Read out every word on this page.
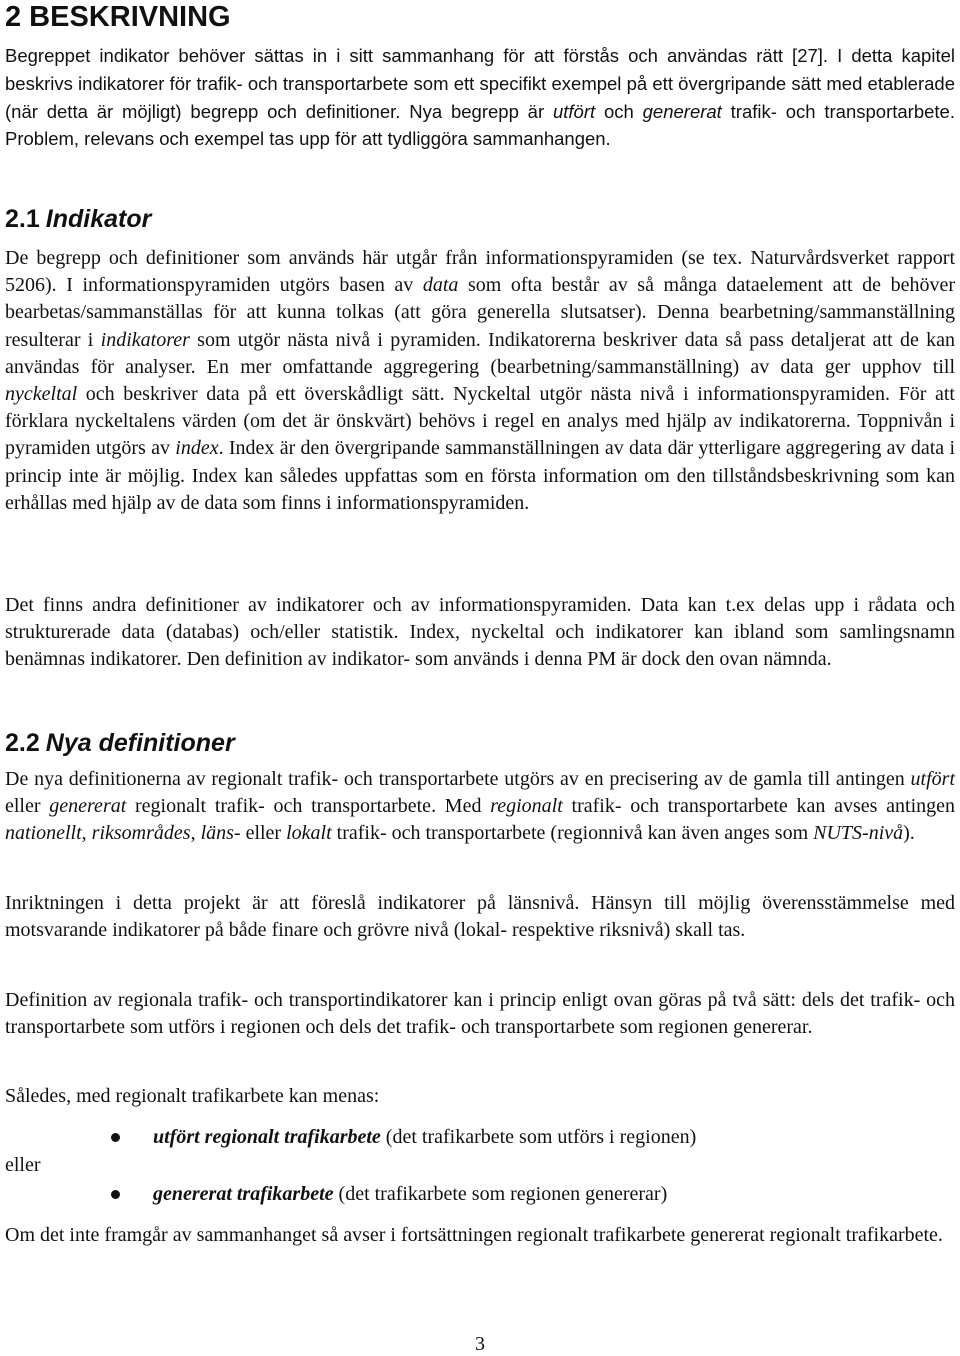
2 BESKRIVNING

Begreppet indikator behöver sättas in i sitt sammanhang för att förstås och användas rätt [27]. I detta kapitel beskrivs indikatorer för trafik- och transportarbete som ett specifikt exempel på ett övergripande sätt med etablerade (när detta är möjligt) begrepp och definitioner. Nya begrepp är utfört och genererat trafik- och transportarbete. Problem, relevans och exempel tas upp för att tydliggöra sammanhangen.

2.1 Indikator

De begrepp och definitioner som används här utgår från informationspyramiden (se tex. Naturvårdsverket rapport 5206). I informationspyramiden utgörs basen av data som ofta består av så många dataelement att de behöver bearbetas/sammanställas för att kunna tolkas (att göra generella slutsatser). Denna bearbetning/sammanställning resulterar i indikatorer som utgör nästa nivå i pyramiden. Indikatorerna beskriver data så pass detaljerat att de kan användas för analyser. En mer omfattande aggregering (bearbetning/sammanställning) av data ger upphov till nyckeltal och beskriver data på ett överskådligt sätt. Nyckeltal utgör nästa nivå i informationspyramiden. För att förklara nyckeltalens värden (om det är önskvärt) behövs i regel en analys med hjälp av indikatorerna. Toppnivån i pyramiden utgörs av index. Index är den övergripande sammanställningen av data där ytterligare aggregering av data i princip inte är möjlig. Index kan således uppfattas som en första information om den tillståndsbeskrivning som kan erhållas med hjälp av de data som finns i informationspyramiden.

Det finns andra definitioner av indikatorer och av informationspyramiden. Data kan t.ex delas upp i rådata och strukturerade data (databas) och/eller statistik. Index, nyckeltal och indikatorer kan ibland som samlingsnamn benämnas indikatorer. Den definition av indikator- som används i denna PM är dock den ovan nämnda.

2.2 Nya definitioner

De nya definitionerna av regionalt trafik- och transportarbete utgörs av en precisering av de gamla till antingen utfört eller genererat regionalt trafik- och transportarbete. Med regionalt trafik- och transportarbete kan avses antingen nationellt, riksområdes, läns- eller lokalt trafik- och transportarbete (regionnivå kan även anges som NUTS-nivå).

Inriktningen i detta projekt är att föreslå indikatorer på länsnivå. Hänsyn till möjlig överensstämmelse med motsvarande indikatorer på både finare och grövre nivå (lokal- respektive riksnivå) skall tas.

Definition av regionala trafik- och transportindikatorer kan i princip enligt ovan göras på två sätt: dels det trafik- och transportarbete som utförs i regionen och dels det trafik- och transportarbete som regionen genererar.

Således, med regionalt trafikarbete kan menas:

utfört regionalt trafikarbete (det trafikarbete som utförs i regionen)
eller
genererat trafikarbete (det trafikarbete som regionen genererar)

Om det inte framgår av sammanhanget så avser i fortsättningen regionalt trafikarbete genererat regionalt trafikarbete.

3
